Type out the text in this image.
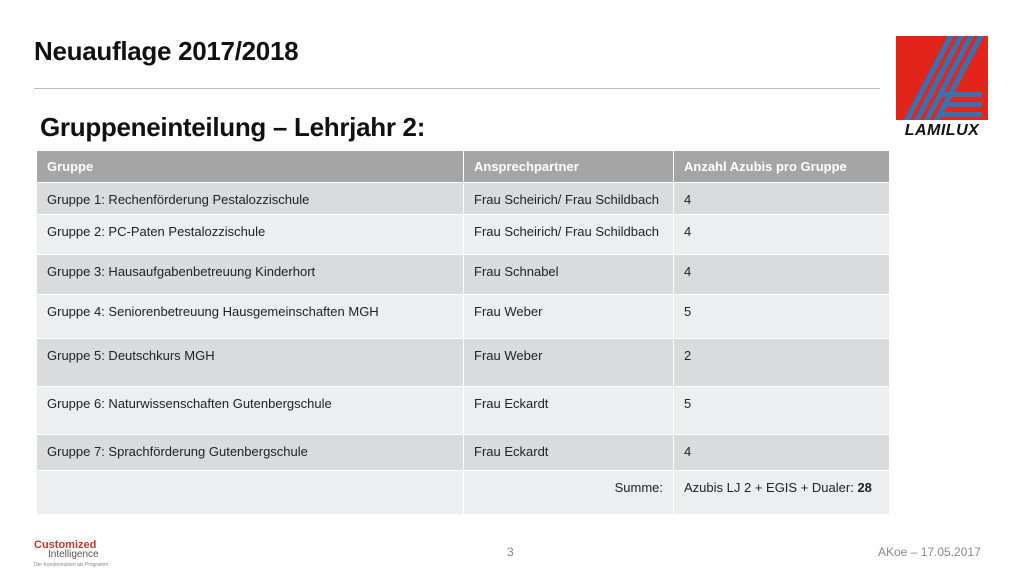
Neuauflage 2017/2018
Gruppeneinteilung – Lehrjahr 2:	LAMILUX
Gruppe	Ansprechpartner	Anzahl Azubis pro Gruppe

Gruppe 1: Rechenförderung Pestalozzischule	Frau Scheirich/ Frau Schildbach	4

Gruppe 2: PC-Paten Pestalozzischule	Frau Scheirich/ Frau Schildbach	4

Gruppe 3: Hausaufgabenbetreuung Kinderhort	Frau Schnabel	4

Gruppe 4: Seniorenbetreuung Hausgemeinschaften MGH	Frau Weber	5

Gruppe 5: Deutschkurs MGH	Frau Weber	2

Gruppe 6: Naturwissenschaften Gutenbergschule	Frau Eckardt	5

Gruppe 7: Sprachförderung Gutenbergschule	Frau Eckardt	4

	Summe:	Azubis LJ 2 + EGIS + Dualer: 28
Customized
Intelligence
Der Kundennutzen als Programm
3	AKoe – 17.05.2017
